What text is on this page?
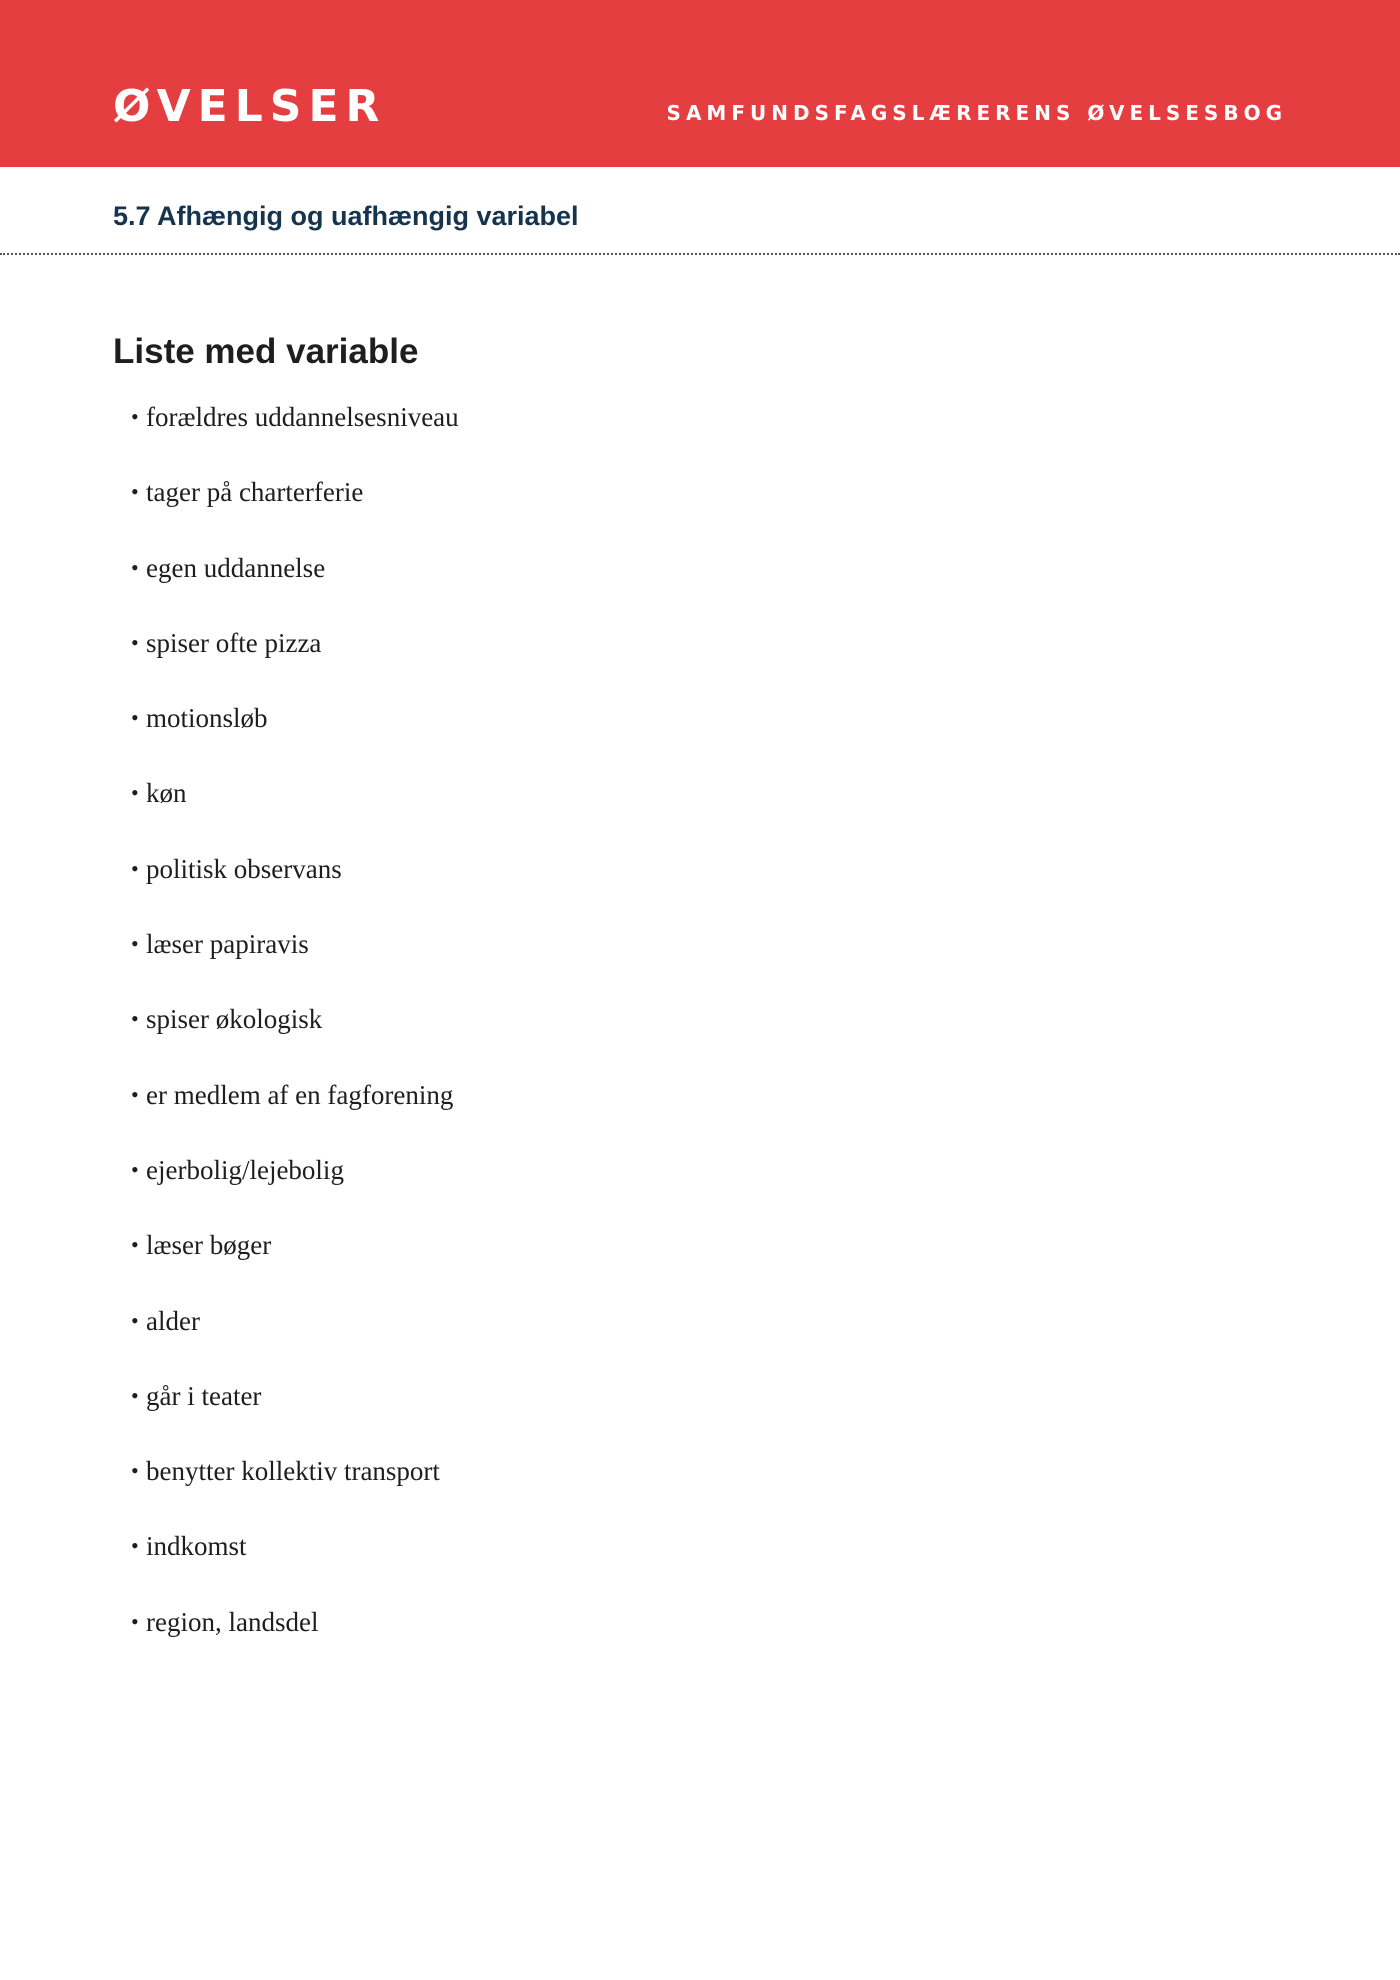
ØVELSER	SAMFUNDSFAGSLÆRERENS ØVELSESBOG
5.7 Afhængig og uafhængig variabel
Liste med variable
• forældres uddannelsesniveau
• tager på charterferie
• egen uddannelse
• spiser ofte pizza
• motionsløb
• køn
• politisk observans
• læser papiravis
• spiser økologisk
• er medlem af en fagforening
• ejerbolig/lejebolig
• læser bøger
• alder
• går i teater
• benytter kollektiv transport
• indkomst
• region, landsdel
